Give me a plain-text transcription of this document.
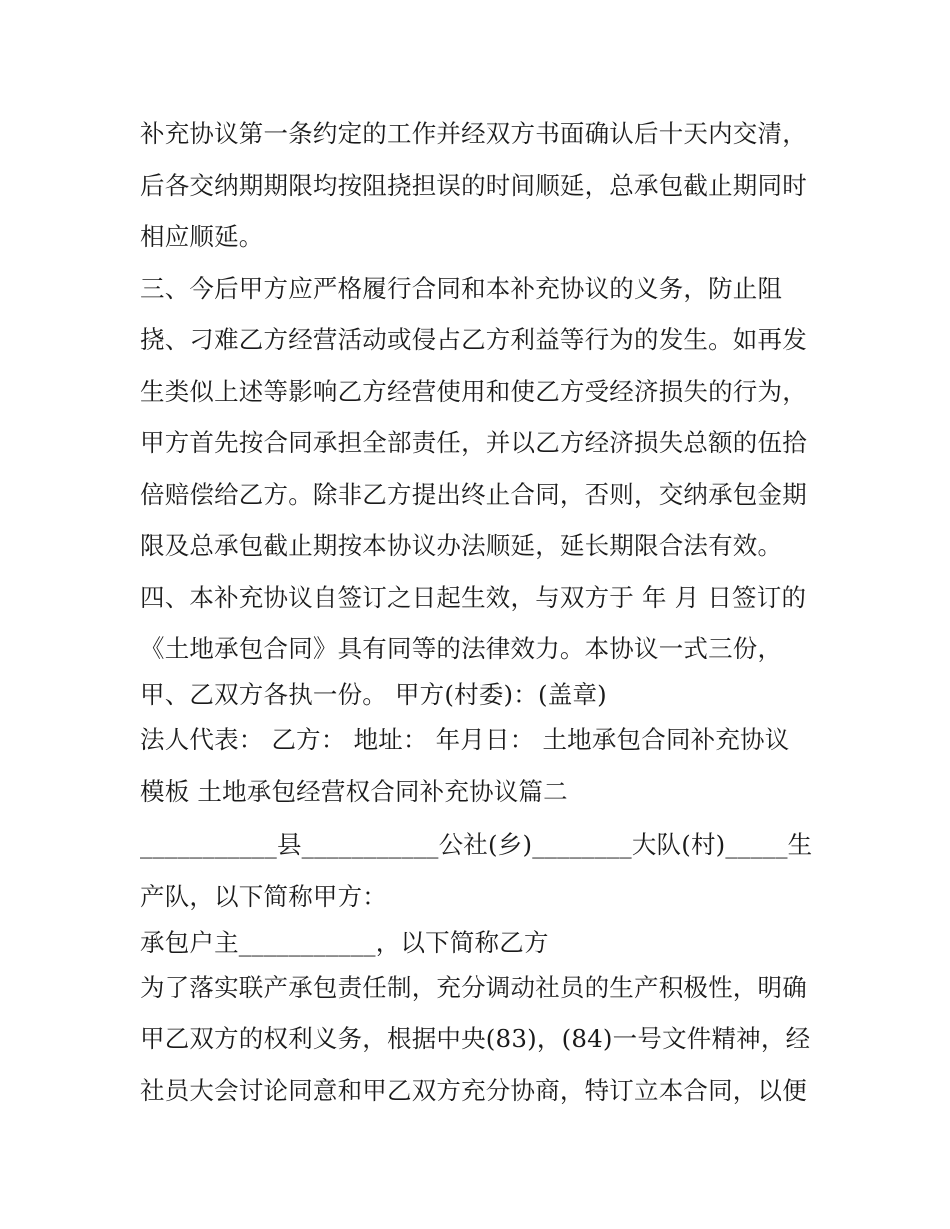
补充协议第一条约定的工作并经双方书面确认后十天内交清，
后各交纳期期限均按阻挠担误的时间顺延，总承包截止期同时
相应顺延。
三、今后甲方应严格履行合同和本补充协议的义务，防止阻
挠、刁难乙方经营活动或侵占乙方利益等行为的发生。如再发
生类似上述等影响乙方经营使用和使乙方受经济损失的行为，
甲方首先按合同承担全部责任，并以乙方经济损失总额的伍拾
倍赔偿给乙方。除非乙方提出终止合同，否则，交纳承包金期
限及总承包截止期按本协议办法顺延，延长期限合法有效。
四、本补充协议自签订之日起生效，与双方于 年 月 日签订的
《土地承包合同》具有同等的法律效力。本协议一式三份，
甲、乙双方各执一份。 甲方(村委)：(盖章)
法人代表： 乙方： 地址： 年月日： 土地承包合同补充协议
模板 土地承包经营权合同补充协议篇二
___________县___________公社(乡)________大队(村)_____生
产队，以下简称甲方：
承包户主___________，以下简称乙方
为了落实联产承包责任制，充分调动社员的生产积极性，明确
甲乙双方的权利义务，根据中央(83)，(84)一号文件精神，经
社员大会讨论同意和甲乙双方充分协商，特订立本合同，以便
